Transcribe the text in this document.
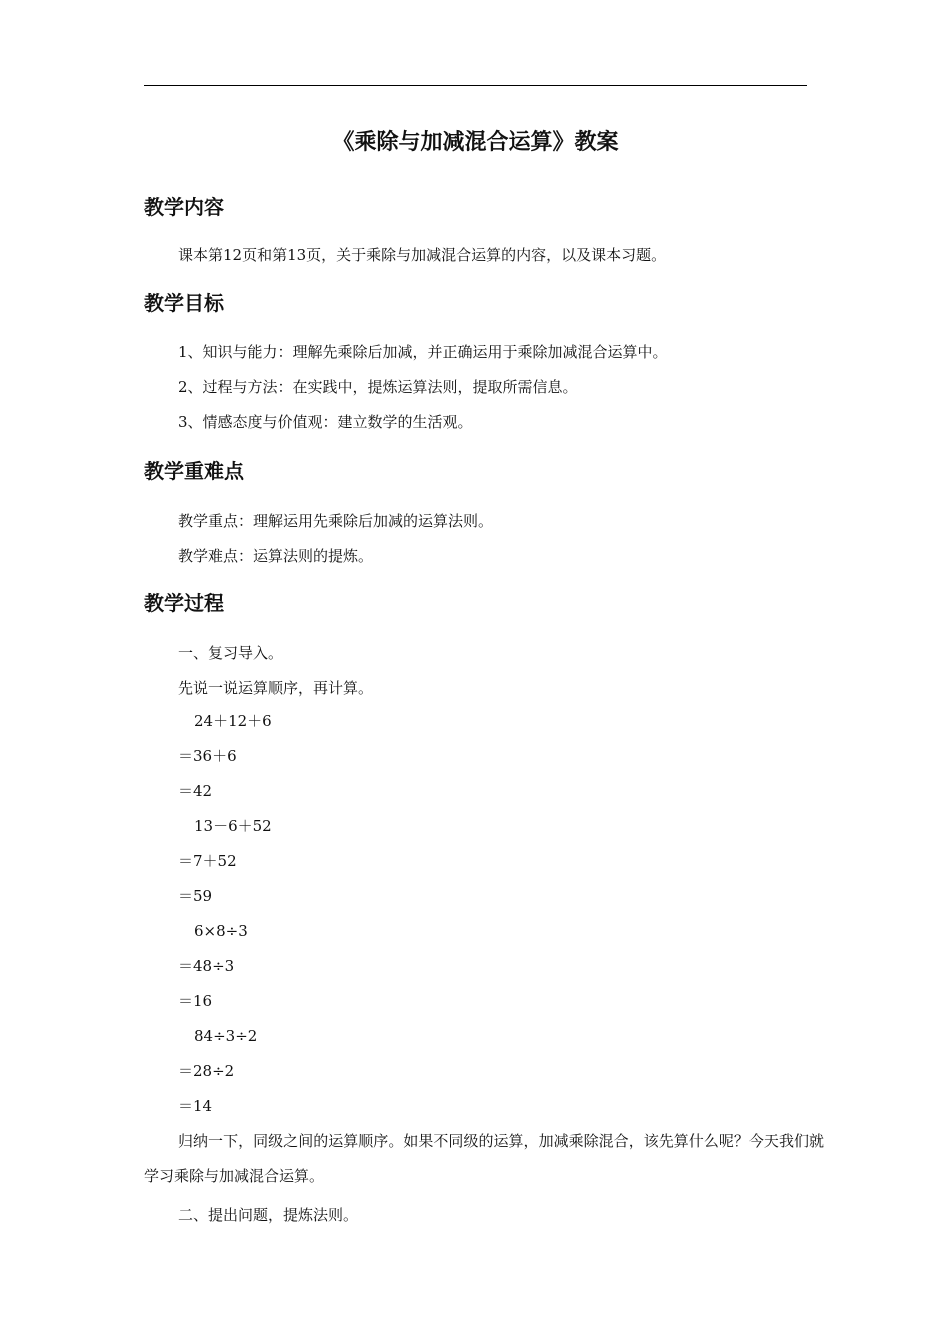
《乘除与加减混合运算》教案
教学内容
课本第12页和第13页，关于乘除与加减混合运算的内容，以及课本习题。
教学目标
1、知识与能力：理解先乘除后加减，并正确运用于乘除加减混合运算中。
2、过程与方法：在实践中，提炼运算法则，提取所需信息。
3、情感态度与价值观：建立数学的生活观。
教学重难点
教学重点：理解运用先乘除后加减的运算法则。
教学难点：运算法则的提炼。
教学过程
一、复习导入。
先说一说运算顺序，再计算。
24＋12＋6
＝36＋6
＝42
13－6＋52
＝7＋52
＝59
6×8÷3
＝48÷3
＝16
84÷3÷2
＝28÷2
＝14
归纳一下，同级之间的运算顺序。如果不同级的运算，加减乘除混合，该先算什么呢？今天我们就学习乘除与加减混合运算。
二、提出问题，提炼法则。
